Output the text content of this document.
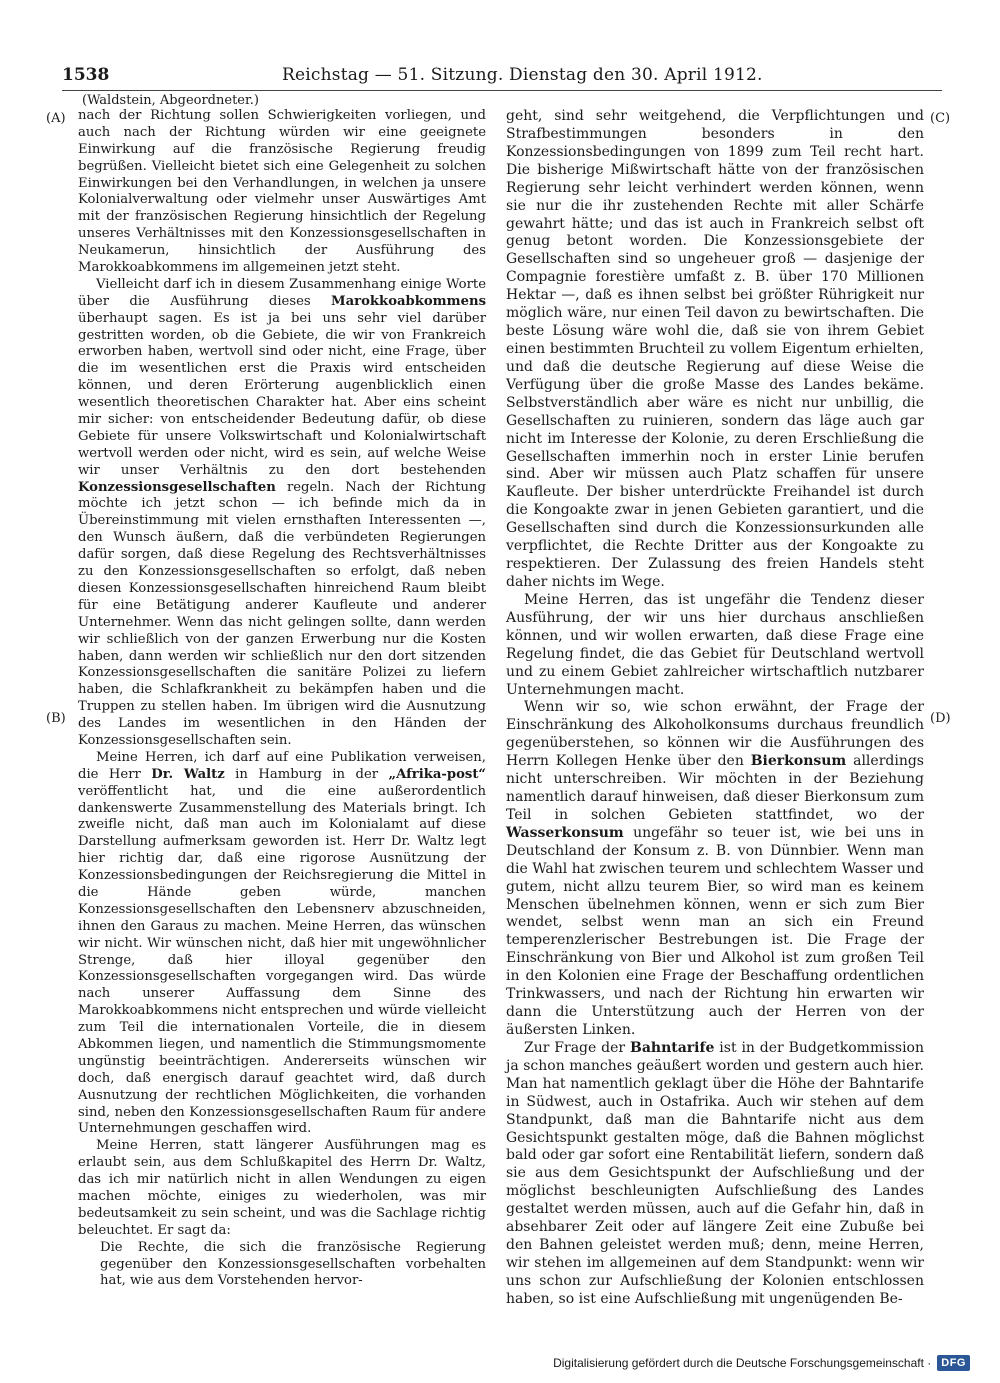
1538	Reichstag — 51. Sitzung. Dienstag den 30. April 1912.
(Waldstein, Abgeordneter.)
(A)
(B)
(C)
(D)

nach der Richtung sollen Schwierigkeiten vorliegen, und auch nach der Richtung würden wir eine geeignete Einwirkung auf die französische Regierung freudig begrüßen. Vielleicht bietet sich eine Gelegenheit zu solchen Einwirkungen bei den Verhandlungen, in welchen ja unsere Kolonialverwaltung oder vielmehr unser Auswärtiges Amt mit der französischen Regierung hinsichtlich der Regelung unseres Verhältnisses mit den Konzessionsgesellschaften in Neukamerun, hinsichtlich der Ausführung des Marokkoabkommens im allgemeinen jetzt steht.

Vielleicht darf ich in diesem Zusammenhang einige Worte über die Ausführung dieses Marokkoabkommens überhaupt sagen. Es ist ja bei uns sehr viel darüber gestritten worden, ob die Gebiete, die wir von Frankreich erworben haben, wertvoll sind oder nicht, eine Frage, über die im wesentlichen erst die Praxis wird entscheiden können, und deren Erörterung augenblicklich einen wesentlich theoretischen Charakter hat. Aber eins scheint mir sicher: von entscheidender Bedeutung dafür, ob diese Gebiete für unsere Volkswirtschaft und Kolonialwirtschaft wertvoll werden oder nicht, wird es sein, auf welche Weise wir unser Verhältnis zu den dort bestehenden Konzessionsgesellschaften regeln. Nach der Richtung möchte ich jetzt schon — ich befinde mich da in Übereinstimmung mit vielen ernsthaften Interessenten —, den Wunsch äußern, daß die verbündeten Regierungen dafür sorgen, daß diese Regelung des Rechtsverhältnisses zu den Konzessionsgesellschaften so erfolgt, daß neben diesen Konzessionsgesellschaften hinreichend Raum bleibt für eine Betätigung anderer Kaufleute und anderer Unternehmer. Wenn das nicht gelingen sollte, dann werden wir schließlich von der ganzen Erwerbung nur die Kosten haben, dann werden wir schließlich nur den dort sitzenden Konzessionsgesellschaften die sanitäre Polizei zu liefern haben, die Schlafkrankheit zu bekämpfen haben und die Truppen zu stellen haben. Im übrigen wird die Ausnutzung des Landes im wesentlichen in den Händen der Konzessionsgesellschaften sein.

Meine Herren, ich darf auf eine Publikation verweisen, die Herr Dr. Waltz in Hamburg in der „Afrika-post“ veröffentlicht hat, und die eine außerordentlich dankenswerte Zusammenstellung des Materials bringt. Ich zweifle nicht, daß man auch im Kolonialamt auf diese Darstellung aufmerksam geworden ist. Herr Dr. Waltz legt hier richtig dar, daß eine rigorose Ausnützung der Konzessionsbedingungen der Reichsregierung die Mittel in die Hände geben würde, manchen Konzessionsgesellschaften den Lebensnerv abzuschneiden, ihnen den Garaus zu machen. Meine Herren, das wünschen wir nicht. Wir wünschen nicht, daß hier mit ungewöhnlicher Strenge, daß hier illoyal gegenüber den Konzessionsgesellschaften vorgegangen wird. Das würde nach unserer Auffassung dem Sinne des Marokkoabkommens nicht entsprechen und würde vielleicht zum Teil die internationalen Vorteile, die in diesem Abkommen liegen, und namentlich die Stimmungsmomente ungünstig beeinträchtigen. Andererseits wünschen wir doch, daß energisch darauf geachtet wird, daß durch Ausnutzung der rechtlichen Möglichkeiten, die vorhanden sind, neben den Konzessionsgesellschaften Raum für andere Unternehmungen geschaffen wird.

Meine Herren, statt längerer Ausführungen mag es erlaubt sein, aus dem Schlußkapitel des Herrn Dr. Waltz, das ich mir natürlich nicht in allen Wendungen zu eigen machen möchte, einiges zu wiederholen, was mir bedeutsamkeit zu sein scheint, und was die Sachlage richtig beleuchtet. Er sagt da:

Die Rechte, die sich die französische Regierung gegenüber den Konzessionsgesellschaften vorbehalten hat, wie aus dem Vorstehenden hervor-

geht, sind sehr weitgehend, die Verpflichtungen und Strafbestimmungen besonders in den Konzessionsbedingungen von 1899 zum Teil recht hart. Die bisherige Mißwirtschaft hätte von der französischen Regierung sehr leicht verhindert werden können, wenn sie nur die ihr zustehenden Rechte mit aller Schärfe gewahrt hätte; und das ist auch in Frankreich selbst oft genug betont worden. Die Konzessionsgebiete der Gesellschaften sind so ungeheuer groß — dasjenige der Compagnie forestière umfaßt z. B. über 170 Millionen Hektar —, daß es ihnen selbst bei größter Rührigkeit nur möglich wäre, nur einen Teil davon zu bewirtschaften. Die beste Lösung wäre wohl die, daß sie von ihrem Gebiet einen bestimmten Bruchteil zu vollem Eigentum erhielten, und daß die deutsche Regierung auf diese Weise die Verfügung über die große Masse des Landes bekäme. Selbstverständlich aber wäre es nicht nur unbillig, die Gesellschaften zu ruinieren, sondern das läge auch gar nicht im Interesse der Kolonie, zu deren Erschließung die Gesellschaften immerhin noch in erster Linie berufen sind. Aber wir müssen auch Platz schaffen für unsere Kaufleute. Der bisher unterdrückte Freihandel ist durch die Kongoakte zwar in jenen Gebieten garantiert, und die Gesellschaften sind durch die Konzessionsurkunden alle verpflichtet, die Rechte Dritter aus der Kongoakte zu respektieren. Der Zulassung des freien Handels steht daher nichts im Wege.

Meine Herren, das ist ungefähr die Tendenz dieser Ausführung, der wir uns hier durchaus anschließen können, und wir wollen erwarten, daß diese Frage eine Regelung findet, die das Gebiet für Deutschland wertvoll und zu einem Gebiet zahlreicher wirtschaftlich nutzbarer Unternehmungen macht.

Wenn wir so, wie schon erwähnt, der Frage der Einschränkung des Alkoholkonsums durchaus freundlich gegenüberstehen, so können wir die Ausführungen des Herrn Kollegen Henke über den Bierkonsum allerdings nicht unterschreiben. Wir möchten in der Beziehung namentlich darauf hinweisen, daß dieser Bierkonsum zum Teil in solchen Gebieten stattfindet, wo der Wasserkonsum ungefähr so teuer ist, wie bei uns in Deutschland der Konsum z. B. von Dünnbier. Wenn man die Wahl hat zwischen teurem und schlechtem Wasser und gutem, nicht allzu teurem Bier, so wird man es keinem Menschen übelnehmen können, wenn er sich zum Bier wendet, selbst wenn man an sich ein Freund temperenzlerischer Bestrebungen ist. Die Frage der Einschränkung von Bier und Alkohol ist zum großen Teil in den Kolonien eine Frage der Beschaffung ordentlichen Trinkwassers, und nach der Richtung hin erwarten wir dann die Unterstützung auch der Herren von der äußersten Linken.

Zur Frage der Bahntarife ist in der Budgetkommission ja schon manches geäußert worden und gestern auch hier. Man hat namentlich geklagt über die Höhe der Bahntarife in Südwest, auch in Ostafrika. Auch wir stehen auf dem Standpunkt, daß man die Bahntarife nicht aus dem Gesichtspunkt gestalten möge, daß die Bahnen möglichst bald oder gar sofort eine Rentabilität liefern, sondern daß sie aus dem Gesichtspunkt der Aufschließung und der möglichst beschleunigten Aufschließung des Landes gestaltet werden müssen, auch auf die Gefahr hin, daß in absehbarer Zeit oder auf längere Zeit eine Zubuße bei den Bahnen geleistet werden muß; denn, meine Herren, wir stehen im allgemeinen auf dem Standpunkt: wenn wir uns schon zur Aufschließung der Kolonien entschlossen haben, so ist eine Aufschließung mit ungenügenden Be-

Digitalisierung gefördert durch die Deutsche Forschungsgemeinschaft · DFG
